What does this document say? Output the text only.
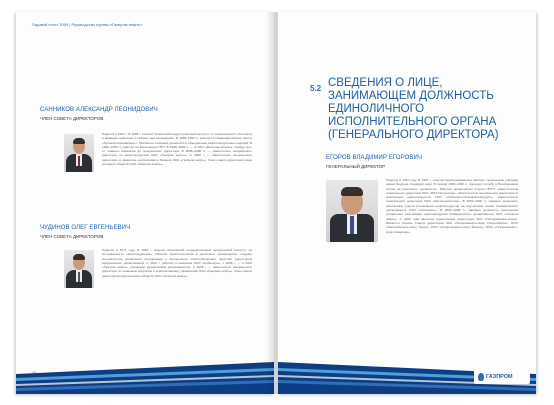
Годовой отчет 2009 | Руководство группы «Газпром нефть»
САННИКОВ АЛЕКСАНДР ЛЕОНИДОВИЧ
ЧЛЕН СОВЕТА ДИРЕКТОРОВ
Родился в 1962 г. В 1985 г. окончил Тюменский индустриальный институт по специальности «Геология и разведка нефтяных и газовых месторождений». В 1985–1993 гг. работал в Нижневартовском тресте «Оргнефтехимзаводы» г. Москва на головной должности в объединении нефтепродуктовых изделий. В 1993–1998 гг. работал на Мегионском НГП. В 1998–2006 гг. — в ОАО «Мегионнефтегаз», пройдя путь от главного инженера до генерального директора. В 2006–2008 гг. — заместитель генерального директора по нефтепродуктам ОАО «Газпром нефть». С 2008 г. — заместитель генерального директора по развитию нефтегазового бизнеса ОАО «Газпром нефть». Член совета директоров ряда дочерних обществ ОАО «Газпром нефть».
ЧУДИНОВ ОЛЕГ ЕВГЕНЬЕВИЧ
ЧЛЕН СОВЕТА ДИРЕКТОРОВ
Родился в 1971 году. В 1993 г. окончил Московский государственный юридический институт по специальности «юриспруденция». Работал юрисконсультом в различных организациях, позднее специалистом управления координации и методологии налогообложения, юристом, директором юридического департамента. С 2004 г. работал в компании ОАО «Сибнефть», с 2006 г. — в ОАО «Газпром нефть», руководил юридическим департаментом. С 2008 г. — заместитель генерального директора по правовым вопросам и корпоративному управлению ОАО «Газпром нефть». Член совета директоров ряда дочерних обществ ОАО «Газпром нефть».
38
5.2 СВЕДЕНИЯ О ЛИЦЕ, ЗАНИМАЮЩЕМ ДОЛЖНОСТЬ ЕДИНОЛИЧНОГО ИСПОЛНИТЕЛЬНОГО ОРГАНА (ГЕНЕРАЛЬНОГО ДИРЕКТОРА)
ЕГОРОВ ВЛАДИМИР ЕГОРОВИЧ
ГЕНЕРАЛЬНЫЙ ДИРЕКТОР
Родился в 1967 году. В 1987 г. окончил Краснознаменское высшее техническое училище имени Боудена. Кандидат наук. В период 1983–1996 гг. проходил службу в Вооруженных Силах на различных должностях. Работал начальником отдела ННГП, заместителем генерального директора ЗАО «НПА-Петролеум», заместителем генерального директора по реализации нефтепродуктов ОАО «Сибнефть-Омскнефтепродукт», заместителем генерального директора ОАО «Мегионнефтегаз». В 2000–2006 гг. занимал должность начальника отдела реализации нефтепродуктов на внутреннем рынке Коммерческого департамента ОАО «Сибнефть». В 2006–2008 гг. занимал должность начальника управления реализации нефтепродуктов Коммерческого департамента ОАО «Газпром нефть». С 2008 года является генеральным директором ЗАО «Газпромнефть-Аэро». Является членом Совета директоров ЗАО «Газпромнефть-Аэро Новосибирск», ООО «Газпромнефть-Аэро Томск», ООО «Газпромнефть-Аэро Брянск», ООО «Газпромнефть-Аэро Кемерово».
ГАЗПРОМ
